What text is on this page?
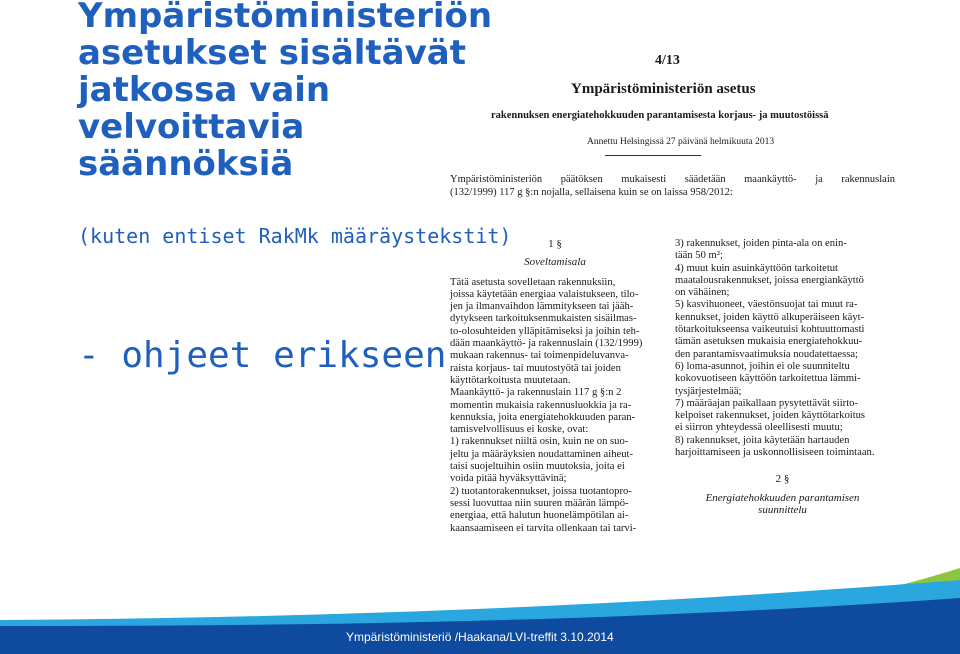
Ympäristöministeriön
asetukset sisältävät
jatkossa vain
velvoittavia
säännöksiä
(kuten entiset RakMk määräystekstit)
- ohjeet erikseen
4/13
Ympäristöministeriön asetus
rakennuksen energiatehokkuuden parantamisesta korjaus- ja muutostöissä
Annettu Helsingissä 27 päivänä helmikuuta 2013
Ympäristöministeriön päätöksen mukaisesti säädetään maankäyttö- ja rakennuslain
(132/1999) 117 g §:n nojalla, sellaisena kuin se on laissa 958/2012:
1 §
Soveltamisala
Tätä asetusta sovelletaan rakennuksiin,
joissa käytetään energiaa valaistukseen, tilo-
jen ja ilmanvaihdon lämmitykseen tai jääh-
dytykseen tarkoituksenmukaisten sisäilmas-
to-olosuhteiden ylläpitämiseksi ja joihin teh-
dään maankäyttö- ja rakennuslain (132/1999)
mukaan rakennus- tai toimenpideluvanva-
raista korjaus- tai muutostyötä tai joiden
käyttötarkoitusta muutetaan.
Maankäyttö- ja rakennuslain 117 g §:n 2
momentin mukaisia rakennusluokkia ja ra-
kennuksia, joita energiatehokkuuden paran-
tamisvelvollisuus ei koske, ovat:
1) rakennukset niiltä osin, kuin ne on suo-
jeltu ja määräyksien noudattaminen aiheut-
taisi suojeltuihin osiin muutoksia, joita ei
voida pitää hyväksyttävinä;
2) tuotantorakennukset, joissa tuotantopro-
sessi luovuttaa niin suuren määrän lämpö-
energiaa, että halutun huonelämpötilan ai-
kaansaamiseen ei tarvita ollenkaan tai tarvi-
3) rakennukset, joiden pinta-ala on enin-
tään 50 m²;
4) muut kuin asuinkäyttöön tarkoitetut
maatalousrakennukset, joissa energiankäyttö
on vähäinen;
5) kasvihuoneet, väestönsuojat tai muut ra-
kennukset, joiden käyttö alkuperäiseen käyt-
tötarkoitukseensa vaikeutuisi kohtuuttomasti
tämän asetuksen mukaisia energiatehokkuu-
den parantamisvaatimuksia noudatettaessa;
6) loma-asunnot, joihin ei ole suunniteltu
kokovuotiseen käyttöön tarkoitettua lämmi-
tysjärjestelmää;
7) määräajan paikallaan pysytettävät siirto-
kelpoiset rakennukset, joiden käyttötarkoitus
ei siirron yhteydessä oleellisesti muutu;
8) rakennukset, joita käytetään hartauden
harjoittamiseen ja uskonnollisiseen toimintaan.
2 §
Energiatehokkuuden parantamisen
suunnittelu
Ympäristöministeriö /Haakana/LVI-treffit 3.10.2014
